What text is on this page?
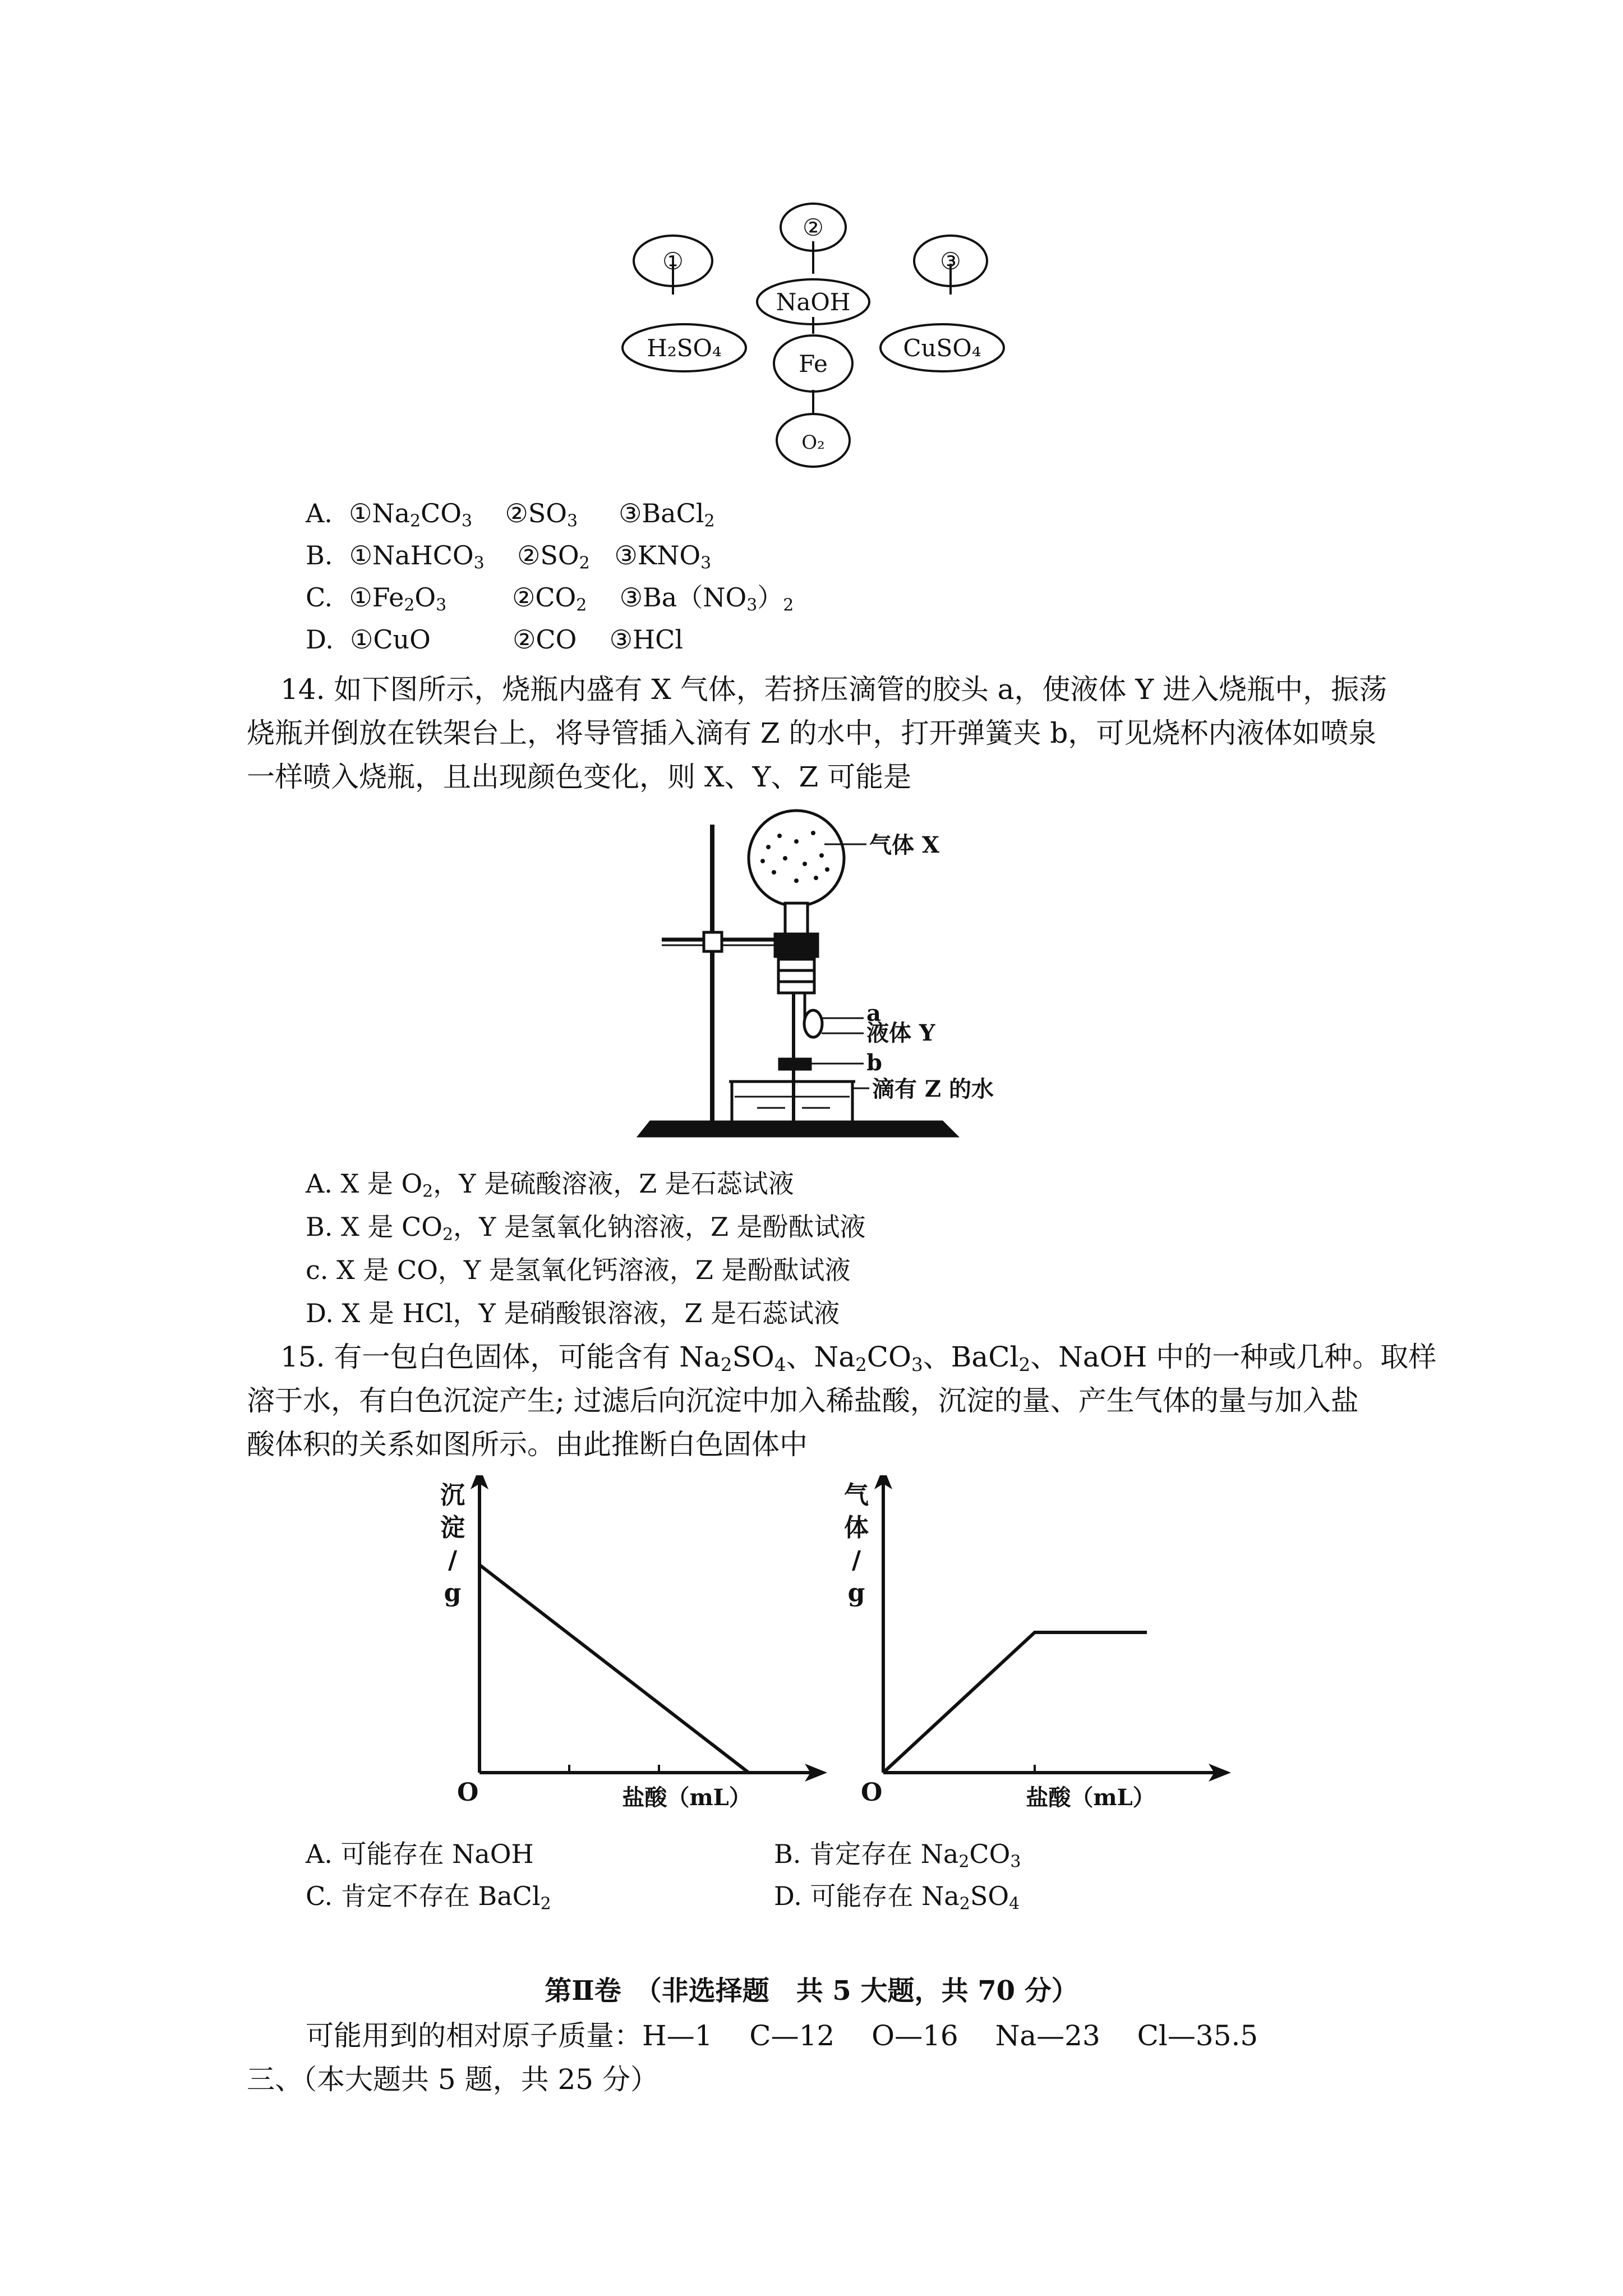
①
②
③
NaOH
H₂SO₄	CuSO₄
Fe
O₂
A. $①Na_2CO_3$ $②SO_3$ ③BaCl$_2$
B. ①NaHCO$_3$ $②SO_2$ $③KNO_3$
C. $①Fe_2O_3$	$②CO_2$ $③Ba(NO_3)_2$
D. ①CuO	②CO ③HCl
14. 如下图所示，烧瓶内盛有 X 气体，若挤压滴管的胶头 a，使液体 Y 进入烧瓶中，振荡
烧瓶并倒放在铁架台上，将导管插入滴有 Z 的水中，打开弹簧夹 b，可见烧杯内液体如喷泉
一样喷入烧瓶，且出现颜色变化，则 X、Y、Z 可能是
气体 X
a
液体 Y
b
滴有 Z 的水
A. X 是 $O_2$，Y 是硫酸溶液，Z 是石蕊试液
B. X 是 $CO_2$，Y 是氢氧化钠溶液，Z 是酚酞试液
c. X 是 CO，Y 是氢氧化钙溶液，Z 是酚酞试液
D. X 是 HCl，Y 是硝酸银溶液，Z 是石蕊试液
15. 有一包白色固体，可能含有 $Na_2SO_4$、$Na_2CO_3$、BaCl$_2$、NaOH 中的一种或几种。取样
溶于水，有白色沉淀产生; 过滤后向沉淀中加入稀盐酸，沉淀的量、产生气体的量与加入盐
酸体积的关系如图所示。由此推断白色固体中
沉
淀
/
g
O	盐酸（mL）
气
体
/
g
O	盐酸（mL）
A. 可能存在 NaOH	B. 肯定存在 $Na_2CO_3$
C. 肯定不存在 BaCl$_2$	D. 可能存在 $Na_2SO_4$
第Ⅱ卷　（非选择题　共 5 大题，共 70 分）
可能用到的相对原子质量：H—1　 C—12　 O—16　 Na—23　 Cl—35.5
三、（本大题共 5 题，共 25 分）
